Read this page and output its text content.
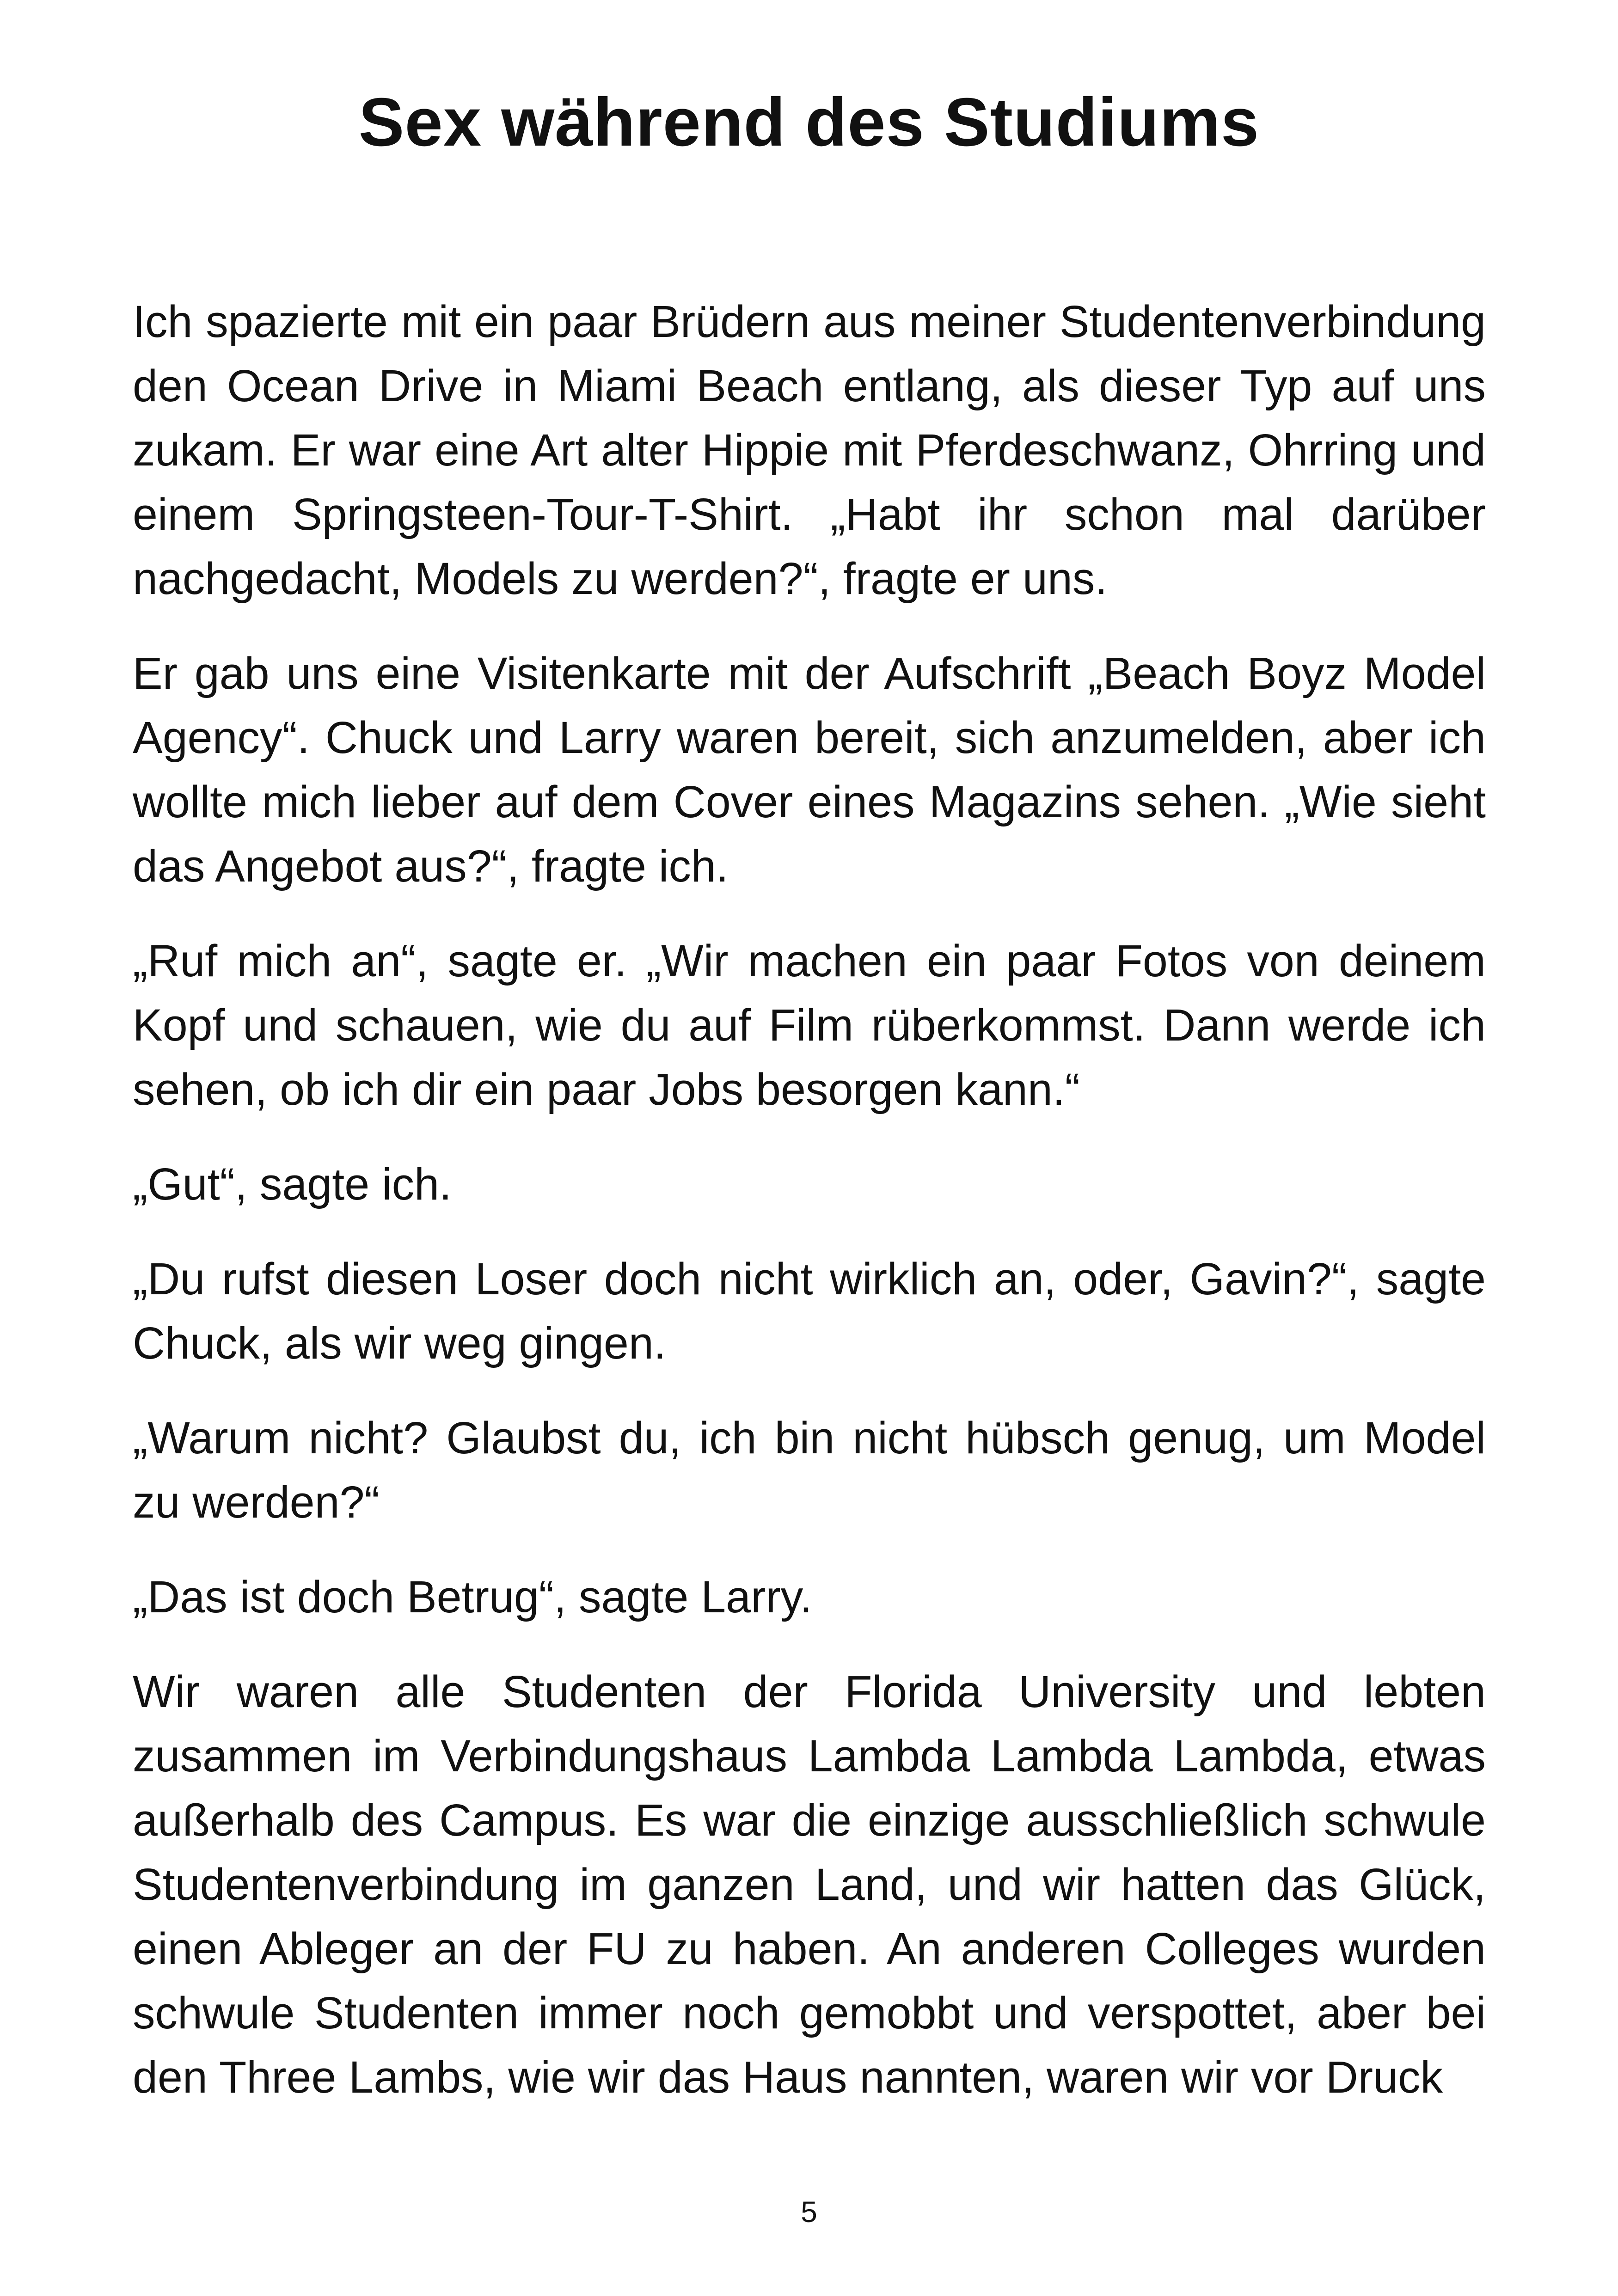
Sex während des Studiums

Ich spazierte mit ein paar Brüdern aus meiner Studentenverbindung den Ocean Drive in Miami Beach entlang, als dieser Typ auf uns zukam. Er war eine Art alter Hippie mit Pferdeschwanz, Ohrring und einem Springsteen-Tour-T-Shirt. „Habt ihr schon mal darüber nachgedacht, Models zu werden?“, fragte er uns.

Er gab uns eine Visitenkarte mit der Aufschrift „Beach Boyz Model Agency“. Chuck und Larry waren bereit, sich anzumelden, aber ich wollte mich lieber auf dem Cover eines Magazins sehen. „Wie sieht das Angebot aus?“, fragte ich.

„Ruf mich an“, sagte er. „Wir machen ein paar Fotos von deinem Kopf und schauen, wie du auf Film rüberkommst. Dann werde ich sehen, ob ich dir ein paar Jobs besorgen kann.“

„Gut“, sagte ich.

„Du rufst diesen Loser doch nicht wirklich an, oder, Gavin?“, sagte Chuck, als wir weg gingen.

„Warum nicht? Glaubst du, ich bin nicht hübsch genug, um Model zu werden?“

„Das ist doch Betrug“, sagte Larry.

Wir waren alle Studenten der Florida University und lebten zusammen im Verbindungshaus Lambda Lambda Lambda, etwas außerhalb des Campus. Es war die einzige ausschließlich schwule Studentenverbindung im ganzen Land, und wir hatten das Glück, einen Ableger an der FU zu haben. An anderen Colleges wurden schwule Studenten immer noch gemobbt und verspottet, aber bei den Three Lambs, wie wir das Haus nannten, waren wir vor Druck

5
